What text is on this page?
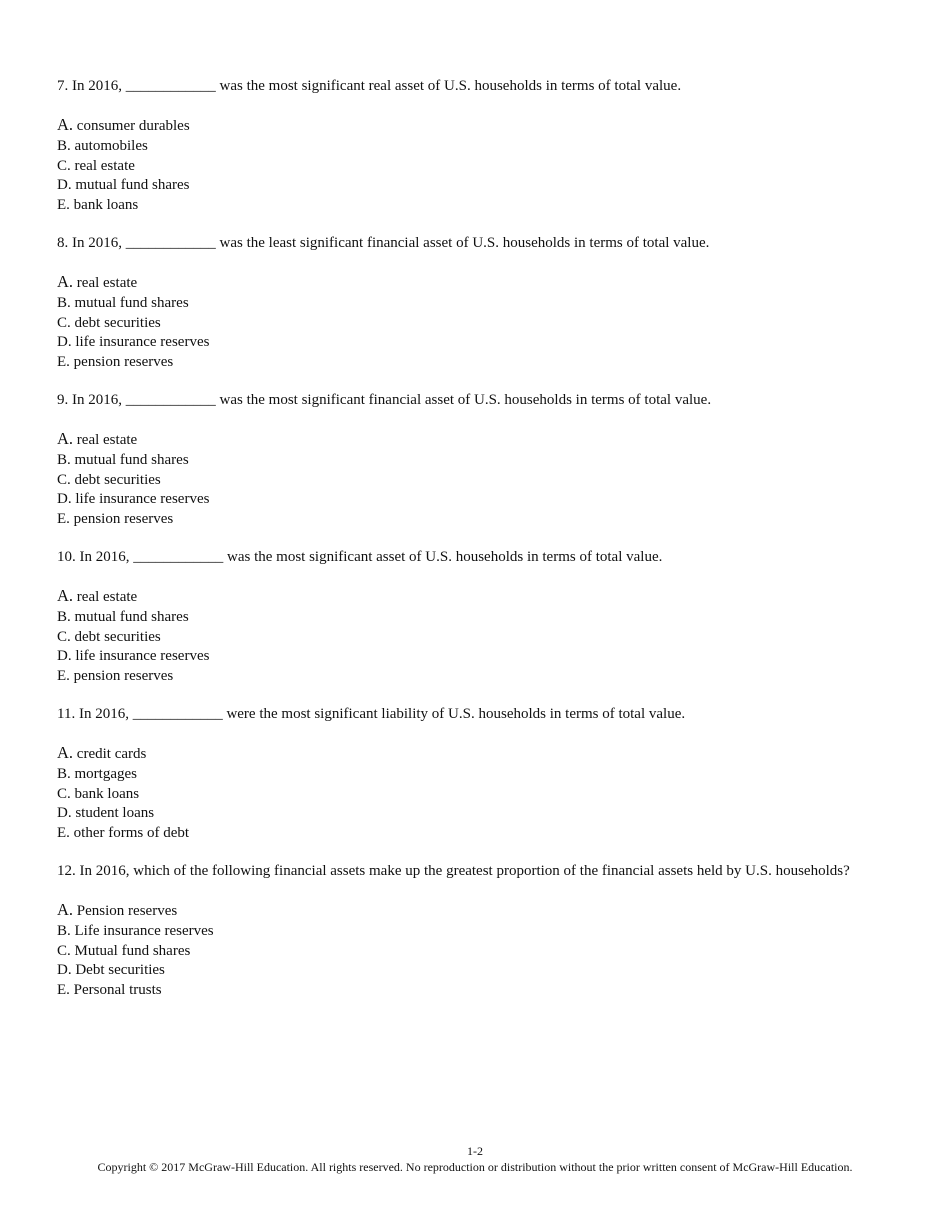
7. In 2016, ____________ was the most significant real asset of U.S. households in terms of total value.

A. consumer durables
B. automobiles
C. real estate
D. mutual fund shares
E. bank loans

8. In 2016, ____________ was the least significant financial asset of U.S. households in terms of total value.

A. real estate
B. mutual fund shares
C. debt securities
D. life insurance reserves
E. pension reserves

9. In 2016, ____________ was the most significant financial asset of U.S. households in terms of total value.

A. real estate
B. mutual fund shares
C. debt securities
D. life insurance reserves
E. pension reserves

10. In 2016, ____________ was the most significant asset of U.S. households in terms of total value.

A. real estate
B. mutual fund shares
C. debt securities
D. life insurance reserves
E. pension reserves

11. In 2016, ____________ were the most significant liability of U.S. households in terms of total value.

A. credit cards
B. mortgages
C. bank loans
D. student loans
E. other forms of debt

12. In 2016, which of the following financial assets make up the greatest proportion of the financial assets held by U.S. households?

A. Pension reserves
B. Life insurance reserves
C. Mutual fund shares
D. Debt securities
E. Personal trusts

1-2

Copyright © 2017 McGraw-Hill Education. All rights reserved. No reproduction or distribution without the prior written consent of McGraw-Hill Education.
